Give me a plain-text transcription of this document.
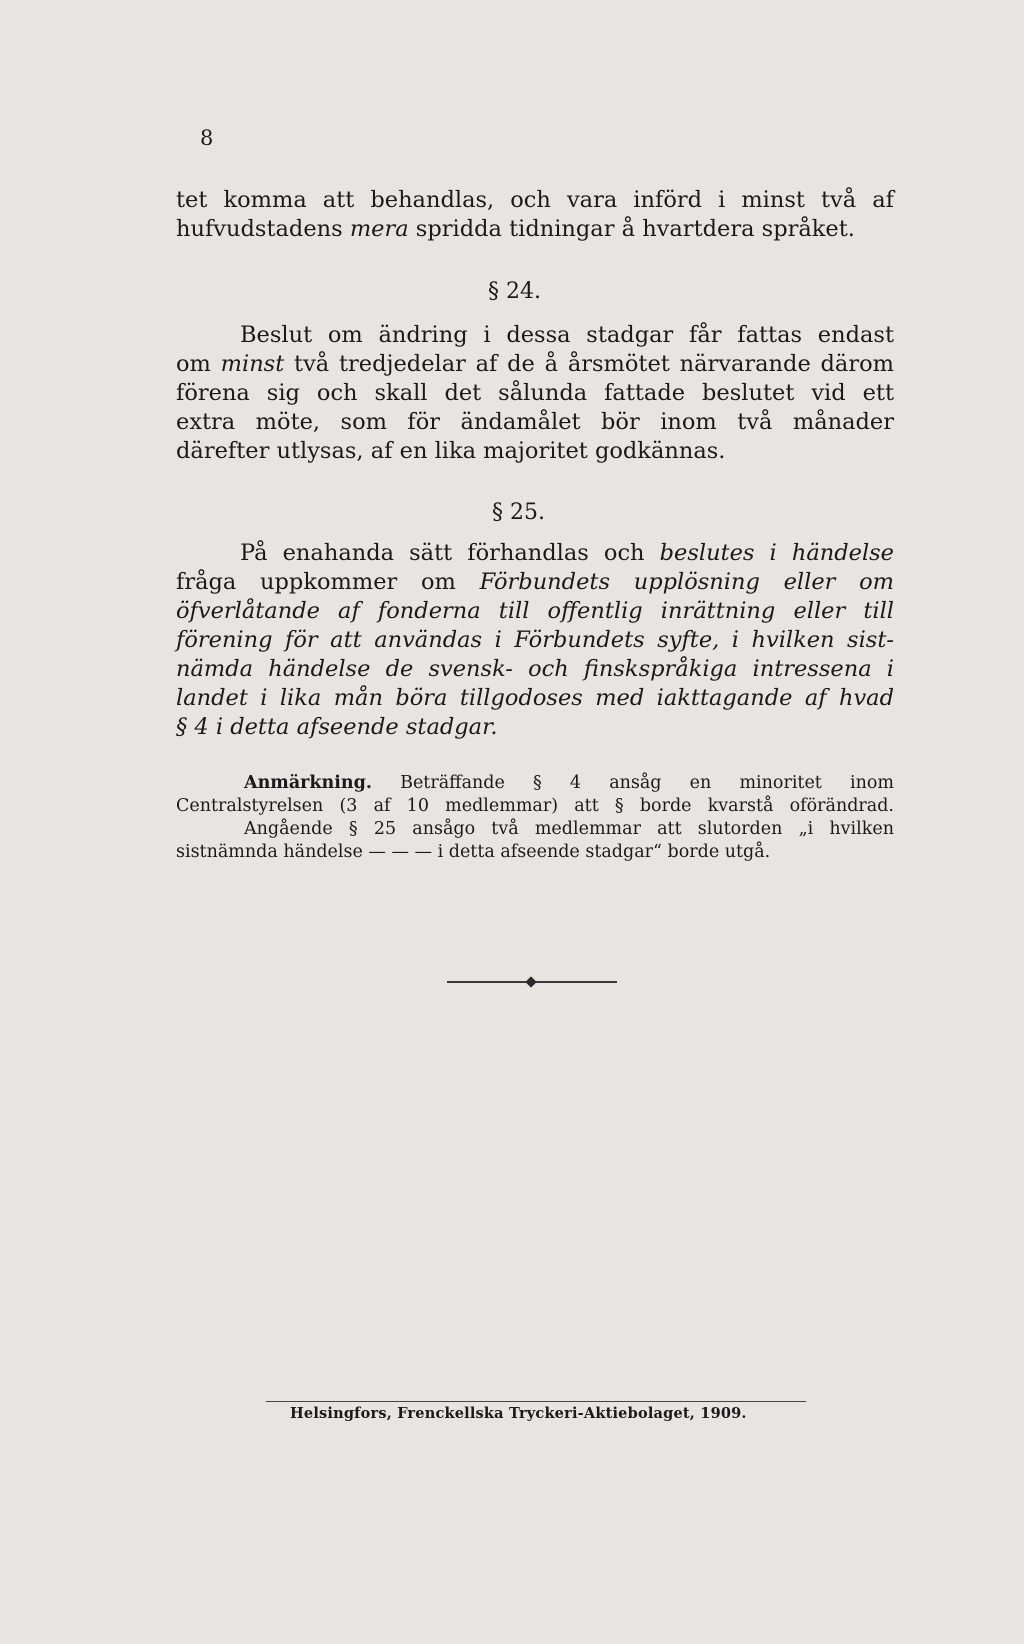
8
tet komma att behandlas, och vara införd i minst två af
hufvudstadens mera spridda tidningar å hvartdera språket.
§ 24.
Beslut om ändring i dessa stadgar får fattas endast
om minst två tredjedelar af de å årsmötet närvarande därom
förena sig och skall det sålunda fattade beslutet vid ett
extra möte, som för ändamålet bör inom två månader
därefter utlysas, af en lika majoritet godkännas.
§ 25.
På enahanda sätt förhandlas och beslutes i händelse
fråga uppkommer om Förbundets upplösning eller om
öfverlåtande af fonderna till offentlig inrättning eller till
förening för att användas i Förbundets syfte, i hvilken sist-
nämda händelse de svensk- och finskspråkiga intressena i
landet i lika mån böra tillgodoses med iakttagande af hvad
§ 4 i detta afseende stadgar.
Anmärkning. Beträffande § 4 ansåg en minoritet inom
Centralstyrelsen (3 af 10 medlemmar) att § borde kvarstå oförändrad.
Angående § 25 ansågo två medlemmar att slutorden „i hvilken
sistnämnda händelse — — — i detta afseende stadgar“ borde utgå.
Helsingfors, Frenckellska Tryckeri-Aktiebolaget, 1909.
